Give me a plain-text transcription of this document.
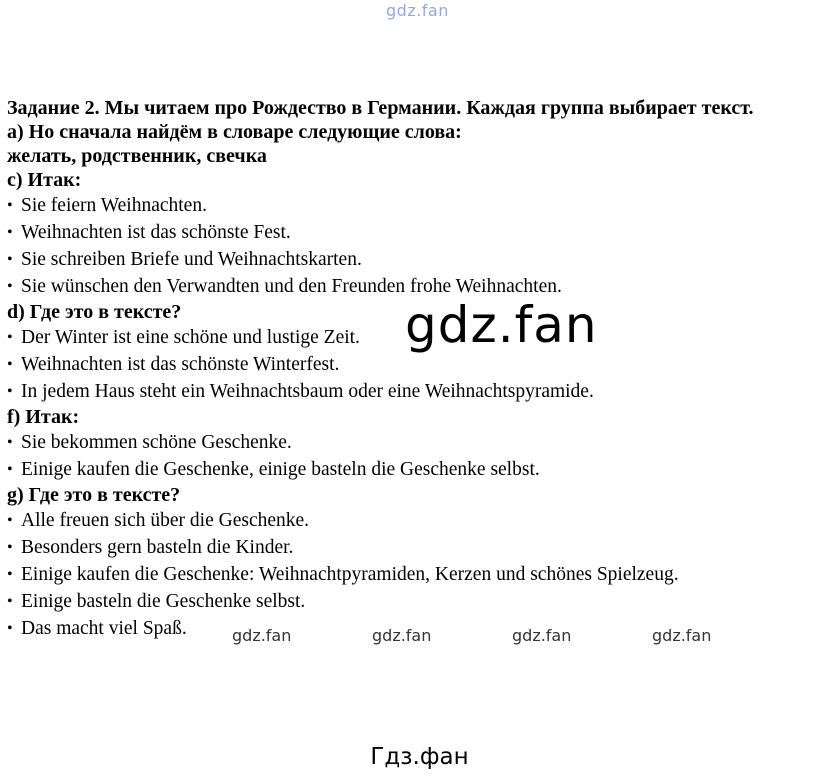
gdz.fan
Задание 2. Мы читаем про Рождество в Германии. Каждая группа выбирает текст.
а) Но сначала найдём в словаре следующие слова:
желать, родственник, свечка
с) Итак:
• Sie feiern Weihnachten.
• Weihnachten ist das schönste Fest.
• Sie schreiben Briefe und Weihnachtskarten.
• Sie wünschen den Verwandten und den Freunden frohe Weihnachten.
d) Где это в тексте?
• Der Winter ist eine schöne und lustige Zeit.
• Weihnachten ist das schönste Winterfest.
• In jedem Haus steht ein Weihnachtsbaum oder eine Weihnachtspyramide.
f) Итак:
• Sie bekommen schöne Geschenke.
• Einige kaufen die Geschenke, einige basteln die Geschenke selbst.
g) Где это в тексте?
• Alle freuen sich über die Geschenke.
• Besonders gern basteln die Kinder.
• Einige kaufen die Geschenke: Weihnachtpyramiden, Kerzen und schönes Spielzeug.
• Einige basteln die Geschenke selbst.
• Das macht viel Spaß.
gdz.fan
gdz.fan	gdz.fan	gdz.fan	gdz.fan
Гдз.фан
